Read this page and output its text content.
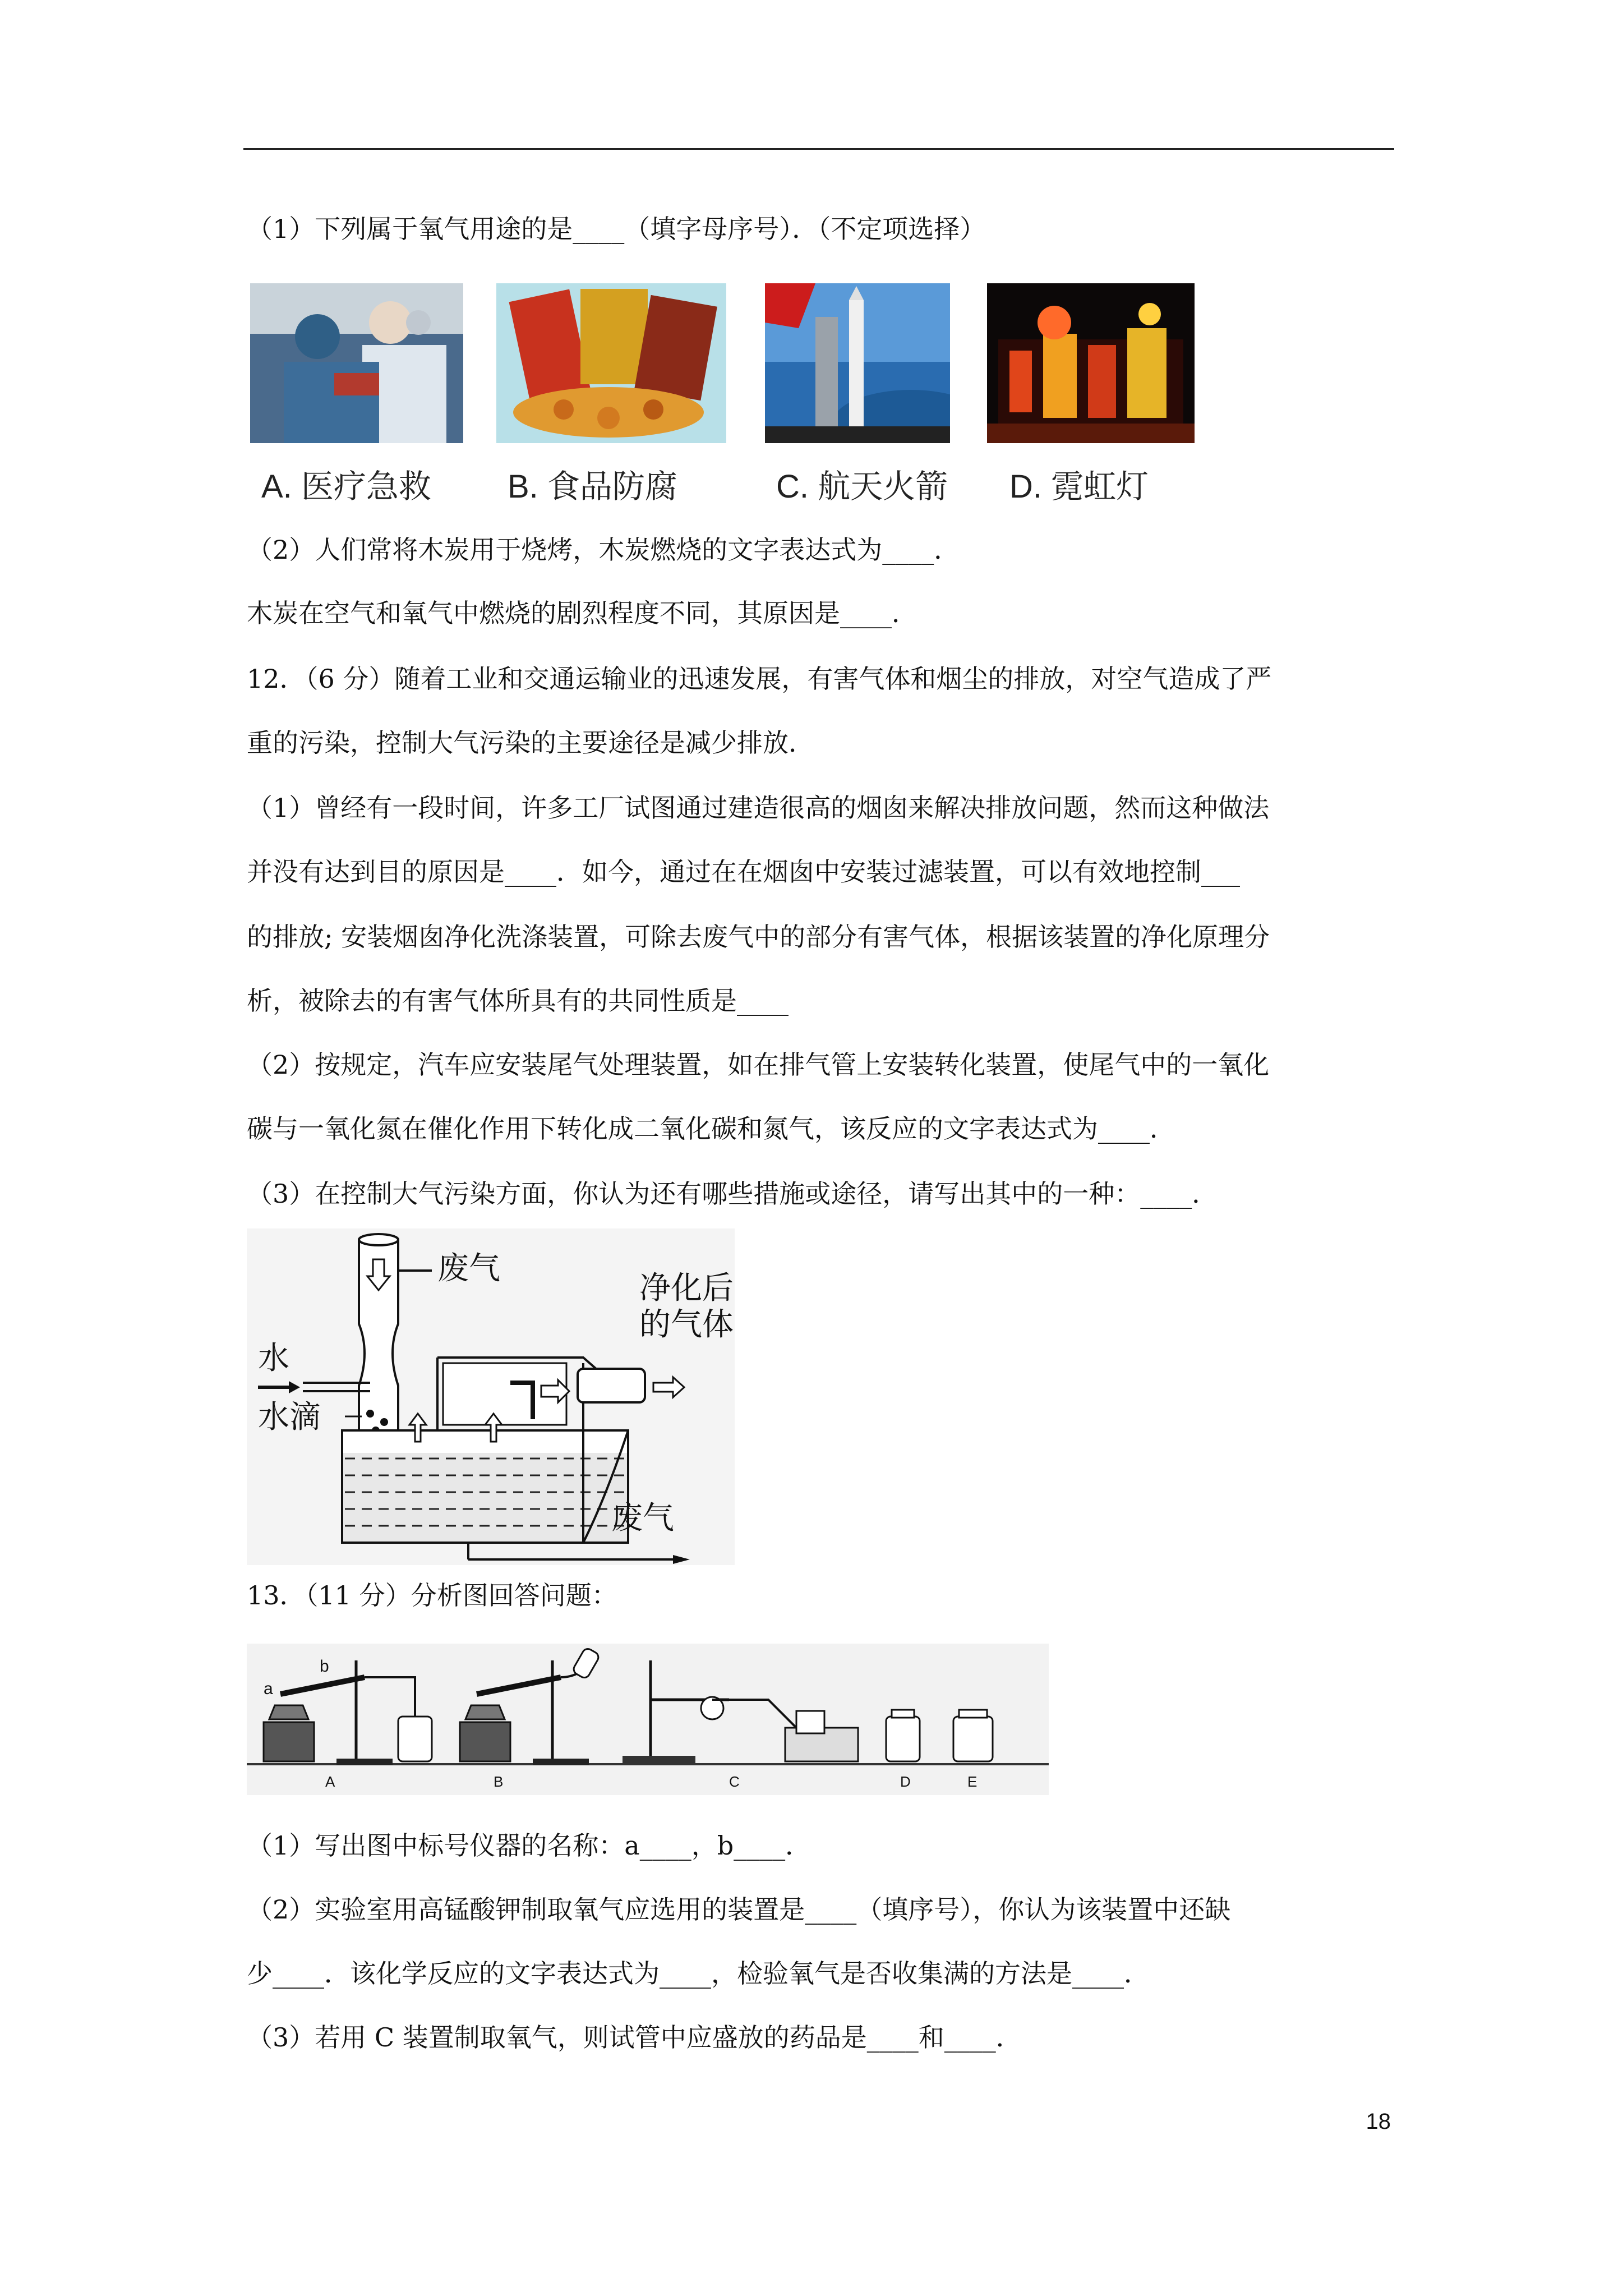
（1）下列属于氧气用途的是____（填字母序号）．（不定项选择）
A. 医疗急救 B. 食品防腐	C. 航天火箭 D. 霓虹灯
（2）人们常将木炭用于烧烤，木炭燃烧的文字表达式为____．
木炭在空气和氧气中燃烧的剧烈程度不同，其原因是____．
12．（6 分）随着工业和交通运输业的迅速发展，有害气体和烟尘的排放，对空气造成了严
重的污染，控制大气污染的主要途径是减少排放．
（1）曾经有一段时间，许多工厂试图通过建造很高的烟囱来解决排放问题，然而这种做法
并没有达到目的原因是____．如今，通过在在烟囱中安装过滤装置，可以有效地控制___
的排放; 安装烟囱净化洗涤装置，可除去废气中的部分有害气体，根据该装置的净化原理分
析，被除去的有害气体所具有的共同性质是____
（2）按规定，汽车应安装尾气处理装置，如在排气管上安装转化装置，使尾气中的一氧化
碳与一氧化氮在催化作用下转化成二氧化碳和氮气，该反应的文字表达式为____．
（3）在控制大气污染方面，你认为还有哪些措施或途径，请写出其中的一种：____．
废气
净化后
的气体
水
水滴
废气
13．（11 分）分析图回答问题：
b
a
A	B	C	D	E
（1）写出图中标号仪器的名称：a____，b____．
（2）实验室用高锰酸钾制取氧气应选用的装置是____（填序号），你认为该装置中还缺
少____．该化学反应的文字表达式为____，检验氧气是否收集满的方法是____．
（3）若用 C 装置制取氧气，则试管中应盛放的药品是____和____．
18
